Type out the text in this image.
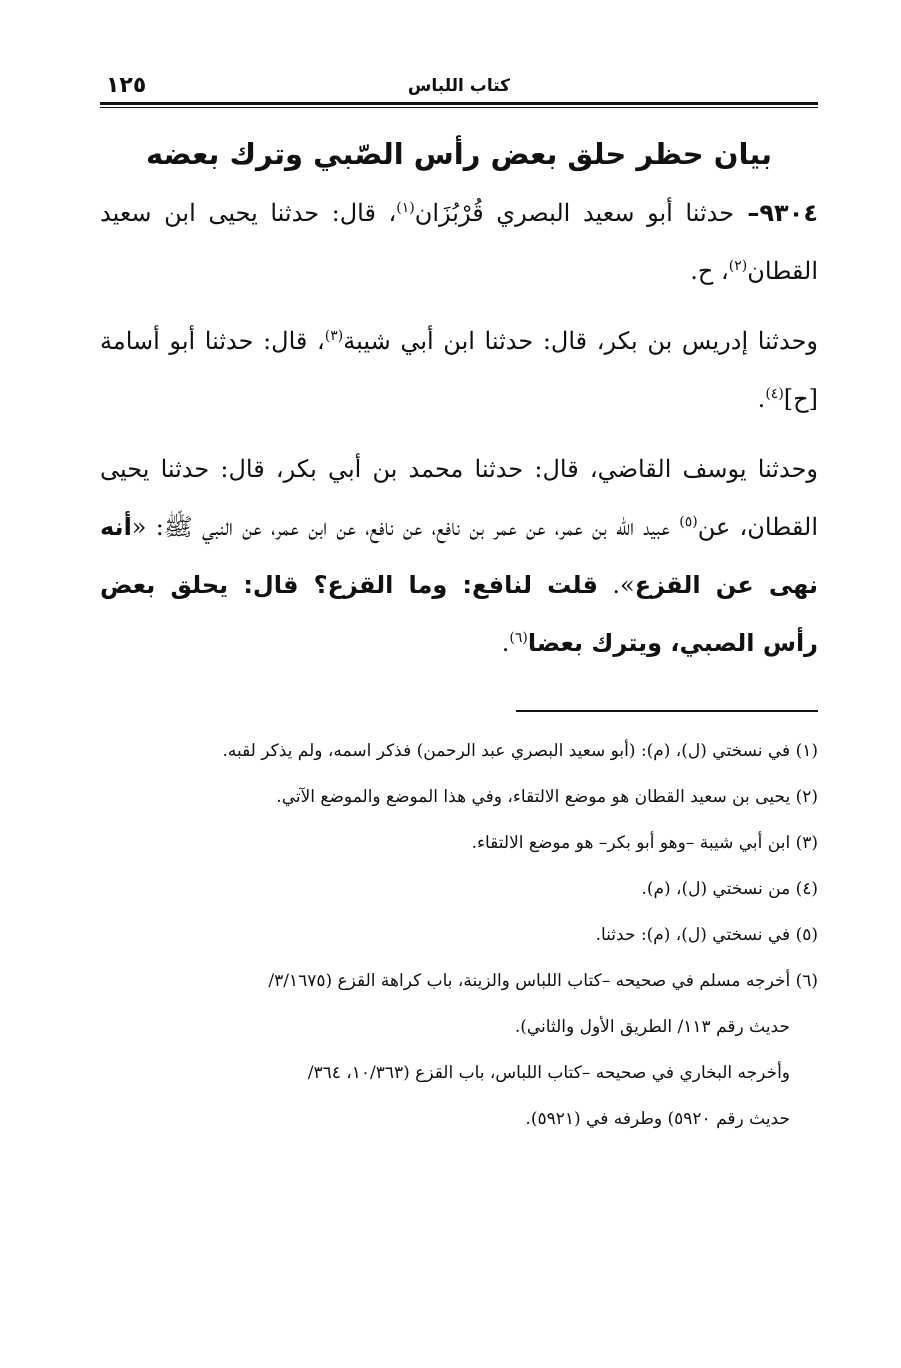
كتاب اللباس
١٢٥
بيان حظر حلق بعض رأس الصّبي وترك بعضه

٩٣٠٤– حدثنا أبو سعيد البصري قُرْبُزَان$^{(١)}$، قال: حدثنا يحيى ابن سعيد القطان$^{(٢)}$، ح.

وحدثنا إدريس بن بكر، قال: حدثنا ابن أبي شيبة$^{(٣)}$، قال: حدثنا أبو أسامة [ح]$^{(٤)}$.

وحدثنا يوسف القاضي، قال: حدثنا محمد بن أبي بكر، قال: حدثنا يحيى القطان، عن$^{(٥)}$ عبيد الله بن عمر، عن عمر بن نافع، عن نافع، عن ابن عمر، عن النبي ﷺ: «أنه نهى عن القزع». قلت لنافع: وما القزع؟ قال: يحلق بعض رأس الصبي، ويترك بعضا$^{(٦)}$.

(١) في نسختي (ل)، (م): (أبو سعيد البصري عبد الرحمن) فذكر اسمه، ولم يذكر لقبه.

(٢) يحيى بن سعيد القطان هو موضع الالتقاء، وفي هذا الموضع والموضع الآتي.

(٣) ابن أبي شيبة –وهو أبو بكر– هو موضع الالتقاء.

(٤) من نسختي (ل)، (م).

(٥) في نسختي (ل)، (م): حدثنا.

(٦) أخرجه مسلم في صحيحه –كتاب اللباس والزينة، باب كراهة القزع (٣/١٦٧٥/
حديث رقم ١١٣/ الطريق الأول والثاني).

وأخرجه البخاري في صحيحه –كتاب اللباس، باب القزع (١٠/٣٦٣، ٣٦٤/
حديث رقم ٥٩٢٠) وطرفه في (٥٩٢١).
